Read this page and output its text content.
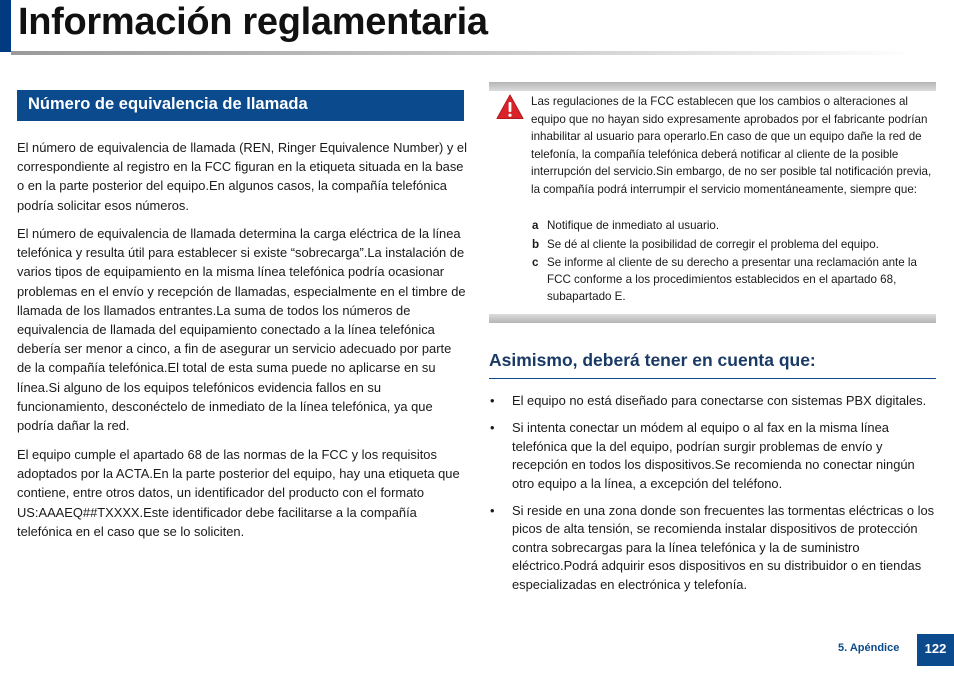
Información reglamentaria
Número de equivalencia de llamada

El número de equivalencia de llamada (REN, Ringer Equivalence Number) y el correspondiente al registro en la FCC figuran en la etiqueta situada en la base o en la parte posterior del equipo.En algunos casos, la compañía telefónica podría solicitar esos números.

El número de equivalencia de llamada determina la carga eléctrica de la línea telefónica y resulta útil para establecer si existe “sobrecarga”.La instalación de varios tipos de equipamiento en la misma línea telefónica podría ocasionar problemas en el envío y recepción de llamadas, especialmente en el timbre de llamada de los llamados entrantes.La suma de todos los números de equivalencia de llamada del equipamiento conectado a la línea telefónica debería ser menor a cinco, a fin de asegurar un servicio adecuado por parte de la compañía telefónica.El total de esta suma puede no aplicarse en su línea.Si alguno de los equipos telefónicos evidencia fallos en su funcionamiento, desconéctelo de inmediato de la línea telefónica, ya que podría dañar la red.

El equipo cumple el apartado 68 de las normas de la FCC y los requisitos adoptados por la ACTA.En la parte posterior del equipo, hay una etiqueta que contiene, entre otros datos, un identificador del producto con el formato US:AAAEQ##TXXXX.Este identificador debe facilitarse a la compañía telefónica en el caso que se lo soliciten.

Las regulaciones de la FCC establecen que los cambios o alteraciones al equipo que no hayan sido expresamente aprobados por el fabricante podrían inhabilitar al usuario para operarlo.En caso de que un equipo dañe la red de telefonía, la compañía telefónica deberá notificar al cliente de la posible interrupción del servicio.Sin embargo, de no ser posible tal notificación previa, la compañía podrá interrumpir el servicio momentáneamente, siempre que:

a Notifique de inmediato al usuario.
b Se dé al cliente la posibilidad de corregir el problema del equipo.
c Se informe al cliente de su derecho a presentar una reclamación ante la FCC conforme a los procedimientos establecidos en el apartado 68, subapartado E.
Asimismo, deberá tener en cuenta que:
• El equipo no está diseñado para conectarse con sistemas PBX digitales.
• Si intenta conectar un módem al equipo o al fax en la misma línea telefónica que la del equipo, podrían surgir problemas de envío y recepción en todos los dispositivos.Se recomienda no conectar ningún otro equipo a la línea, a excepción del teléfono.
• Si reside en una zona donde son frecuentes las tormentas eléctricas o los picos de alta tensión, se recomienda instalar dispositivos de protección contra sobrecargas para la línea telefónica y la de suministro eléctrico.Podrá adquirir esos dispositivos en su distribuidor o en tiendas especializadas en electrónica y telefonía.
5. Apéndice	122
